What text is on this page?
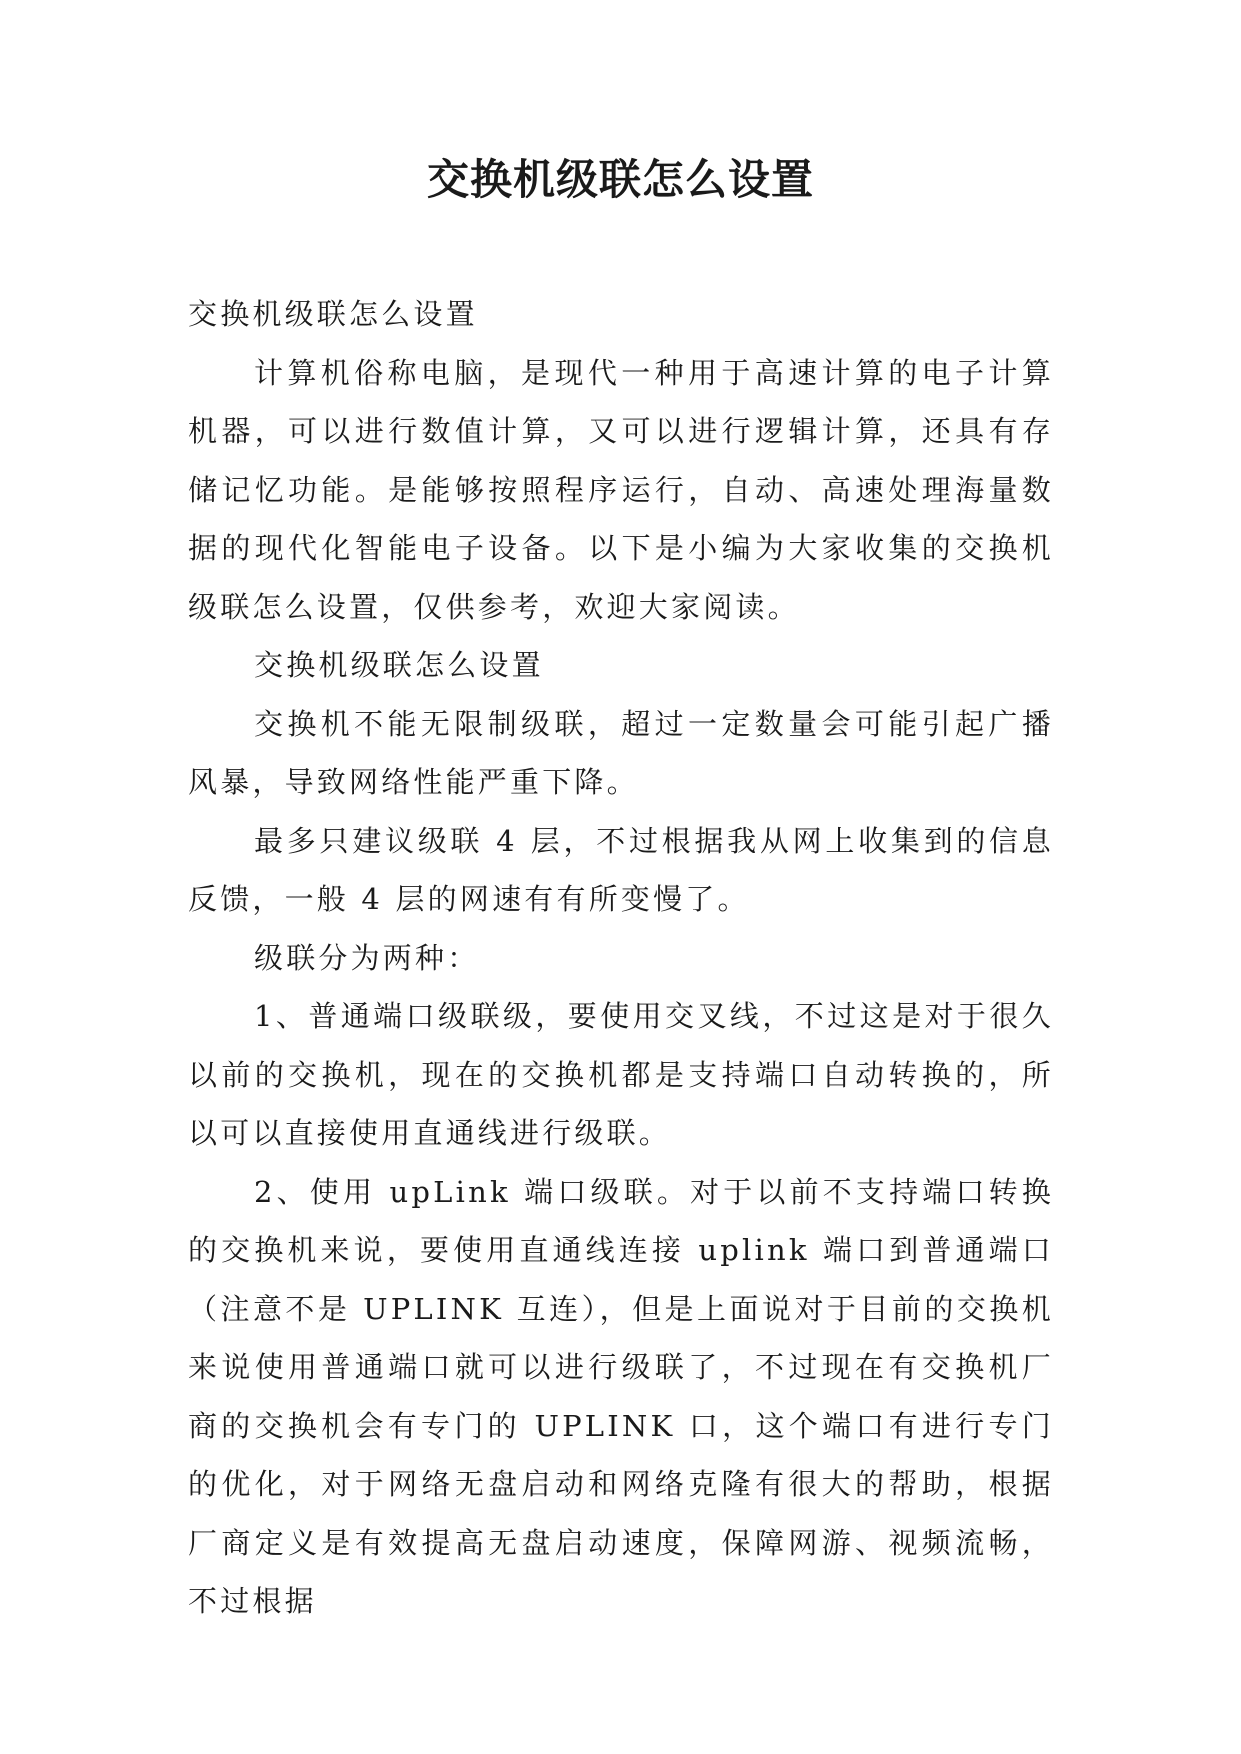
交换机级联怎么设置

交换机级联怎么设置

计算机俗称电脑，是现代一种用于高速计算的电子计算机器，可以进行数值计算，又可以进行逻辑计算，还具有存储记忆功能。是能够按照程序运行，自动、高速处理海量数据的现代化智能电子设备。以下是小编为大家收集的交换机级联怎么设置，仅供参考，欢迎大家阅读。

交换机级联怎么设置

交换机不能无限制级联，超过一定数量会可能引起广播风暴，导致网络性能严重下降。

最多只建议级联 4 层，不过根据我从网上收集到的信息反馈，一般 4 层的网速有有所变慢了。

级联分为两种：

1、普通端口级联级，要使用交叉线，不过这是对于很久以前的交换机，现在的交换机都是支持端口自动转换的，所以可以直接使用直通线进行级联。

2、使用 upLink 端口级联。对于以前不支持端口转换的交换机来说，要使用直通线连接 uplink 端口到普通端口（注意不是 UPLINK 互连），但是上面说对于目前的交换机来说使用普通端口就可以进行级联了，不过现在有交换机厂商的交换机会有专门的 UPLINK 口，这个端口有进行专门的优化，对于网络无盘启动和网络克隆有很大的帮助，根据厂商定义是有效提高无盘启动速度，保障网游、视频流畅，不过根据
